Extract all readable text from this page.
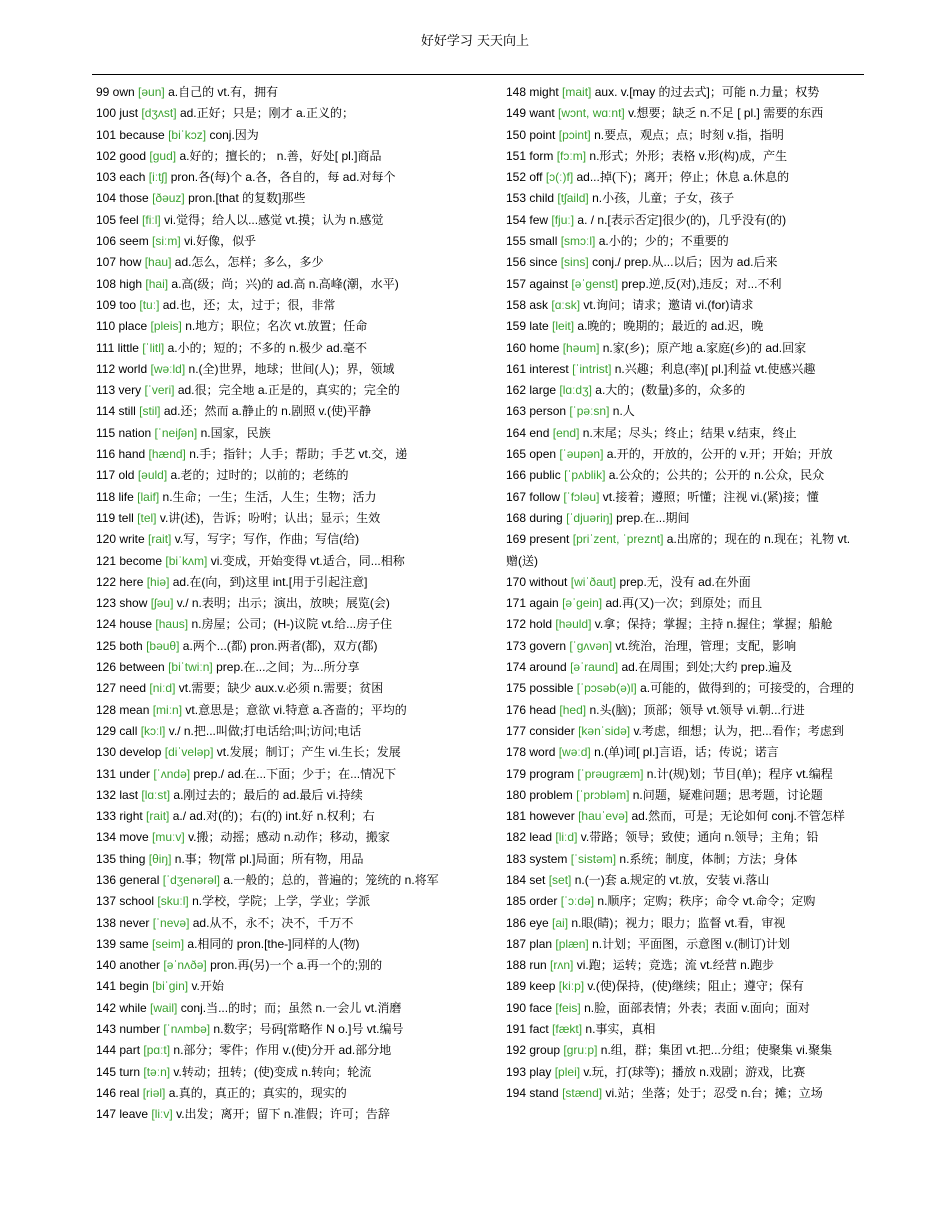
好好学习 天天向上
99 own [ǝun] a.自己的 vt.有，拥有
100 just [dʒʌst] ad.正好；只是；刚才 a.正义的；
101 because [biˈkɔz] conj.因为
102 good [gud] a.好的；擅长的； n.善，好处[ pl.]商品
103 each [iːtʃ] pron.各(每)个 a.各，各自的，每 ad.对每个
104 those [ðǝuz] pron.[that 的复数]那些
105 feel [fiːl] vi.觉得；给人以...感觉 vt.摸；认为 n.感觉
106 seem [siːm] vi.好像，似乎
107 how [hau] ad.怎么，怎样；多么，多少
108 high [hai] a.高(级；尚；兴)的 ad.高 n.高峰(潮，水平)
109 too [tuː] ad.也，还；太，过于；很，非常
110 place [pleis] n.地方；职位；名次 vt.放置；任命
111 little [ˈlitl] a.小的；短的；不多的 n.极少 ad.毫不
112 world [wǝːld] n.(全)世界，地球；世间(人)；界，领域
113 very [ˈveri] ad.很；完全地 a.正是的，真实的；完全的
114 still [stil] ad.还；然而 a.静止的 n.剧照 v.(使)平静
115 nation [ˈneiʃǝn] n.国家，民族
116 hand [hænd] n.手；指针；人手；帮助；手艺 vt.交，递
117 old [ǝuld] a.老的；过时的；以前的；老练的
118 life [laif] n.生命；一生；生活，人生；生物；活力
119 tell [tel] v.讲(述)，告诉；吩咐；认出；显示；生效
120 write [rait] v.写，写字；写作，作曲；写信(给)
121 become [biˈkʌm] vi.变成，开始变得 vt.适合，同...相称
122 here [hiǝ] ad.在(向，到)这里 int.[用于引起注意]
123 show [ʃǝu] v./ n.表明；出示；演出，放映；展览(会)
124 house [haus] n.房屋；公司；(H-)议院 vt.给...房子住
125 both [bǝuθ] a.两个...(都) pron.两者(都)，双方(都)
126 between [biˈtwiːn] prep.在...之间；为...所分享
127 need [niːd] vt.需要；缺少 aux.v.必须 n.需要；贫困
128 mean [miːn] vt.意思是；意欲 vi.特意 a.吝啬的；平均的
129 call [kɔːl] v./ n.把...叫做;打电话给;叫;访问;电话
130 develop [diˈvelǝp] vt.发展；制订；产生 vi.生长；发展
131 under [ˈʌndǝ] prep./ ad.在...下面；少于；在...情况下
132 last [lɑːst] a.刚过去的；最后的 ad.最后 vi.持续
133 right [rait] a./ ad.对(的)；右(的) int.好 n.权利；右
134 move [muːv] v.搬；动摇；感动 n.动作；移动，搬家
135 thing [θiŋ] n.事；物[常 pl.]局面；所有物，用品
136 general [ˈdʒenǝrǝl] a.一般的；总的，普遍的；笼统的 n.将军
137 school [skuːl] n.学校，学院；上学，学业；学派
138 never [ˈnevǝ] ad.从不，永不；决不，千万不
139 same [seim] a.相同的 pron.[the-]同样的人(物)
140 another [ǝˈnʌðǝ] pron.再(另)一个 a.再一个的;别的
141 begin [biˈgin] v.开始
142 while [wail] conj.当...的时；而；虽然 n.一会儿 vt.消磨
143 number [ˈnʌmbǝ] n.数字；号码[常略作 N o.]号 vt.编号
144 part [pɑːt] n.部分；零件；作用 v.(使)分开 ad.部分地
145 turn [tǝːn] v.转动；扭转；(使)变成 n.转向；轮流
146 real [riǝl] a.真的，真正的；真实的，现实的
147 leave [liːv] v.出发；离开；留下 n.准假；许可；告辞
148 might [mait] aux. v.[may 的过去式]；可能 n.力量；权势
149 want [wɔnt, wɑːnt] v.想要；缺乏 n.不足 [ pl.] 需要的东西
150 point [pɔint] n.要点，观点；点；时刻 v.指，指明
151 form [fɔːm] n.形式；外形；表格 v.形(构)成，产生
152 off [ɔ(ː)f] ad...掉(下)；离开；停止；休息 a.休息的
153 child [tʃaild] n.小孩，儿童；子女，孩子
154 few [fjuː] a. / n.[表示否定]很少(的)，几乎没有(的)
155 small [smɔːl] a.小的；少的；不重要的
156 since [sins] conj./ prep.从...以后；因为 ad.后来
157 against [ǝˈgenst] prep.逆,反(对),违反；对...不利
158 ask [ɑːsk] vt.询问；请求；邀请 vi.(for)请求
159 late [leit] a.晚的；晚期的；最近的 ad.迟，晚
160 home [hǝum] n.家(乡)；原产地 a.家庭(乡)的 ad.回家
161 interest [ˈintrist] n.兴趣；利息(率)[ pl.]利益 vt.使感兴趣
162 large [lɑːdʒ] a.大的；(数量)多的，众多的
163 person [ˈpǝːsn] n.人
164 end [end] n.末尾；尽头；终止；结果 v.结束，终止
165 open [ˈǝupǝn] a.开的，开放的，公开的 v.开；开始；开放
166 public [ˈpʌblik] a.公众的；公共的；公开的 n.公众，民众
167 follow [ˈfɔlǝu] vt.接着；遵照；听懂；注视 vi.(紧)接；懂
168 during [ˈdjuǝriŋ] prep.在...期间
169 present [priˈzent, ˈpreznt] a.出席的；现在的 n.现在；礼物 vt.赠(送)
170 without [wiˈðaut] prep.无，没有 ad.在外面
171 again [ǝˈgein] ad.再(又)一次；到原处；而且
172 hold [hǝuld] v.拿；保持；掌握；主持 n.握住；掌握；船舱
173 govern [ˈgʌvǝn] vt.统治，治理，管理；支配，影响
174 around [ǝˈraund] ad.在周围；到处;大约 prep.遍及
175 possible [ˈpɔsǝb(ǝ)l] a.可能的，做得到的；可接受的，合理的
176 head [hed] n.头(脑)；顶部；领导 vt.领导 vi.朝...行进
177 consider [kǝnˈsidǝ] v.考虑，细想；认为，把...看作；考虑到
178 word [wǝːd] n.(单)词[ pl.]言语，话；传说；诺言
179 program [ˈprǝugræm] n.计(规)划；节目(单)；程序 vt.编程
180 problem [ˈprɔblǝm] n.问题，疑难问题；思考题，讨论题
181 however [hauˈevǝ] ad.然而，可是；无论如何 conj.不管怎样
182 lead [liːd] v.带路；领导；致使；通向 n.领导；主角；铅
183 system [ˈsistǝm] n.系统；制度，体制；方法；身体
184 set [set] n.(一)套 a.规定的 vt.放，安装 vi.落山
185 order [ˈɔːdǝ] n.顺序；定购；秩序；命令 vt.命令；定购
186 eye [ai] n.眼(睛)；视力；眼力；监督 vt.看，审视
187 plan [plæn] n.计划；平面图，示意图 v.(制订)计划
188 run [rʌn] vi.跑；运转；竞选；流 vt.经营 n.跑步
189 keep [kiːp] v.(使)保持，(使)继续；阻止；遵守；保有
190 face [feis] n.脸，面部表情；外表；表面 v.面向；面对
191 fact [fækt] n.事实，真相
192 group [gruːp] n.组，群；集团 vt.把...分组；使聚集 vi.聚集
193 play [plei] v.玩，打(球等)；播放 n.戏剧；游戏，比赛
194 stand [stænd] vi.站；坐落；处于；忍受 n.台；摊；立场
